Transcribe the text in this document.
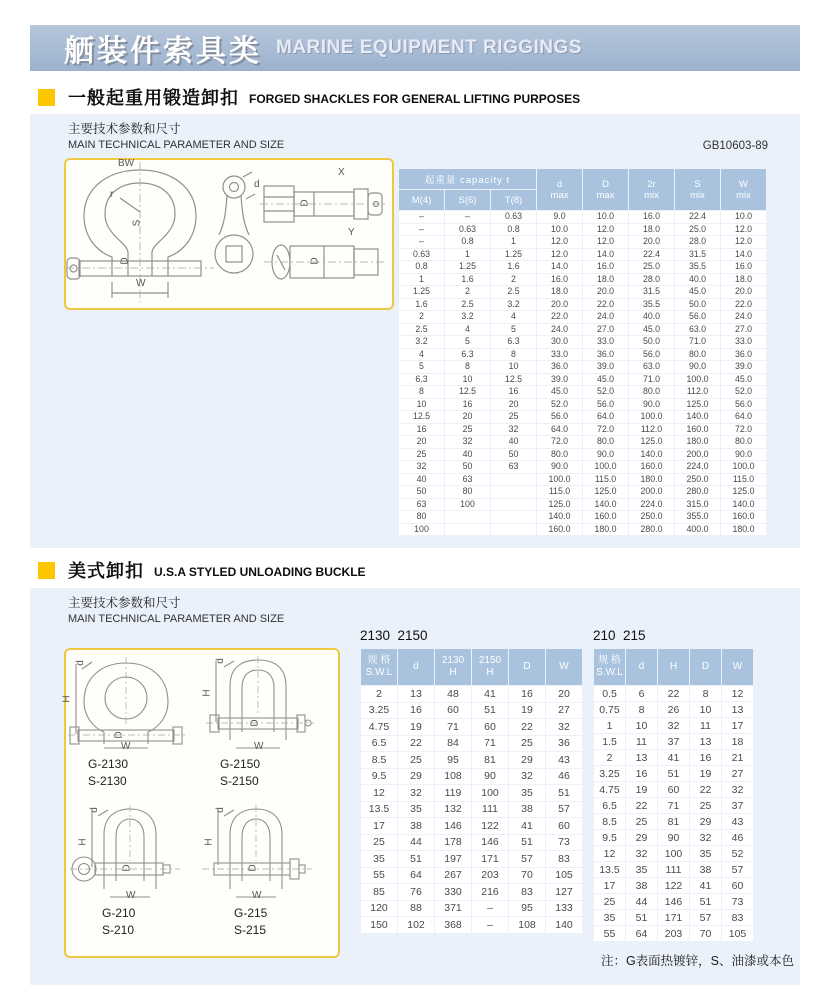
舾装件索具类 MARINE EQUIPMENT RIGGINGS
一般起重用锻造卸扣 FORGED SHACKLES FOR GENERAL LIFTING PURPOSES
主要技术参数和尺寸
MAIN TECHNICAL PARAMETER AND SIZE	GB10603-89
BW
r
S
D
W
d
X
D
Y
D
起重量 capacity t	d
max

D
max

2r
mix

S
mix

W
mix

M(4)	S(6)	T(8)					
–	–	0.63	9.0	10.0	16.0	22.4	10.0
–	0.63	0.8	10.0	12.0	18.0	25.0	12.0
–	0.8	1	12.0	12.0	20.0	28.0	12.0
0.63	1	1.25	12.0	14.0	22.4	31.5	14.0
0.8	1.25	1.6	14.0	16.0	25.0	35.5	16.0
1	1.6	2	16.0	18.0	28.0	40.0	18.0
1.25	2	2.5	18.0	20.0	31.5	45.0	20.0
1.6	2.5	3.2	20.0	22.0	35.5	50.0	22.0
2	3.2	4	22.0	24.0	40.0	56.0	24.0
2.5	4	5	24.0	27.0	45.0	63.0	27.0
3.2	5	6.3	30.0	33.0	50.0	71.0	33.0
4	6.3	8	33.0	36.0	56.0	80.0	36.0
5	8	10	36.0	39.0	63.0	90.0	39.0
6.3	10	12.5	39.0	45.0	71.0	100.0	45.0
8	12.5	16	45.0	52.0	80.0	112.0	52.0
10	16	20	52.0	56.0	90.0	125.0	56.0
12.5	20	25	56.0	64.0	100.0	140.0	64.0
16	25	32	64.0	72.0	112.0	160.0	72.0
20	32	40	72.0	80.0	125.0	180.0	80.0
25	40	50	80.0	90.0	140.0	200.0	90.0
32	50	63	90.0	100.0	160.0	224.0	100.0
40	63		100.0	115.0	180.0	250.0	115.0
50	80		115.0	125.0	200.0	280.0	125.0
63	100		125.0	140.0	224.0	315.0	140.0
80			140.0	160.0	250.0	355.0	160.0
100			160.0	180.0	280.0	400.0	180.0
美式卸扣 U.S.A STYLED UNLOADING BUCKLE
主要技术参数和尺寸
MAIN TECHNICAL PARAMETER AND SIZE
d
H
D
W
G-2130
S-2130
d
H
D
W
G-2150
S-2150
d
H
D
W
G-210
S-210
d
H
D
W
G-215
S-215
2130  2150
规 格
S.W.L

d

2130
H

2150
H

D	W

2	13	48	41	16	20
3.25	16	60	51	19	27
4.75	19	71	60	22	32
6.5	22	84	71	25	36
8.5	25	95	81	29	43
9.5	29	108	90	32	46
12	32	119	100	35	51
13.5	35	132	111	38	57
17	38	146	122	41	60
25	44	178	146	51	73
35	51	197	171	57	83
55	64	267	203	70	105
85	76	330	216	83	127
120	88	371	–	95	133
150	102	368	–	108	140
210  215
规 格
S.W.L	d	H	D	W

0.5	6	22	8	12
0.75	8	26	10	13
1	10	32	11	17
1.5	11	37	13	18
2	13	41	16	21
3.25	16	51	19	27
4.75	19	60	22	32
6.5	22	71	25	37
8.5	25	81	29	43
9.5	29	90	32	46
12	32	100	35	52
13.5	35	111	38	57
17	38	122	41	60
25	44	146	51	73
35	51	171	57	83
55	64	203	70	105
注：G表面热镀锌，S、油漆或本色
